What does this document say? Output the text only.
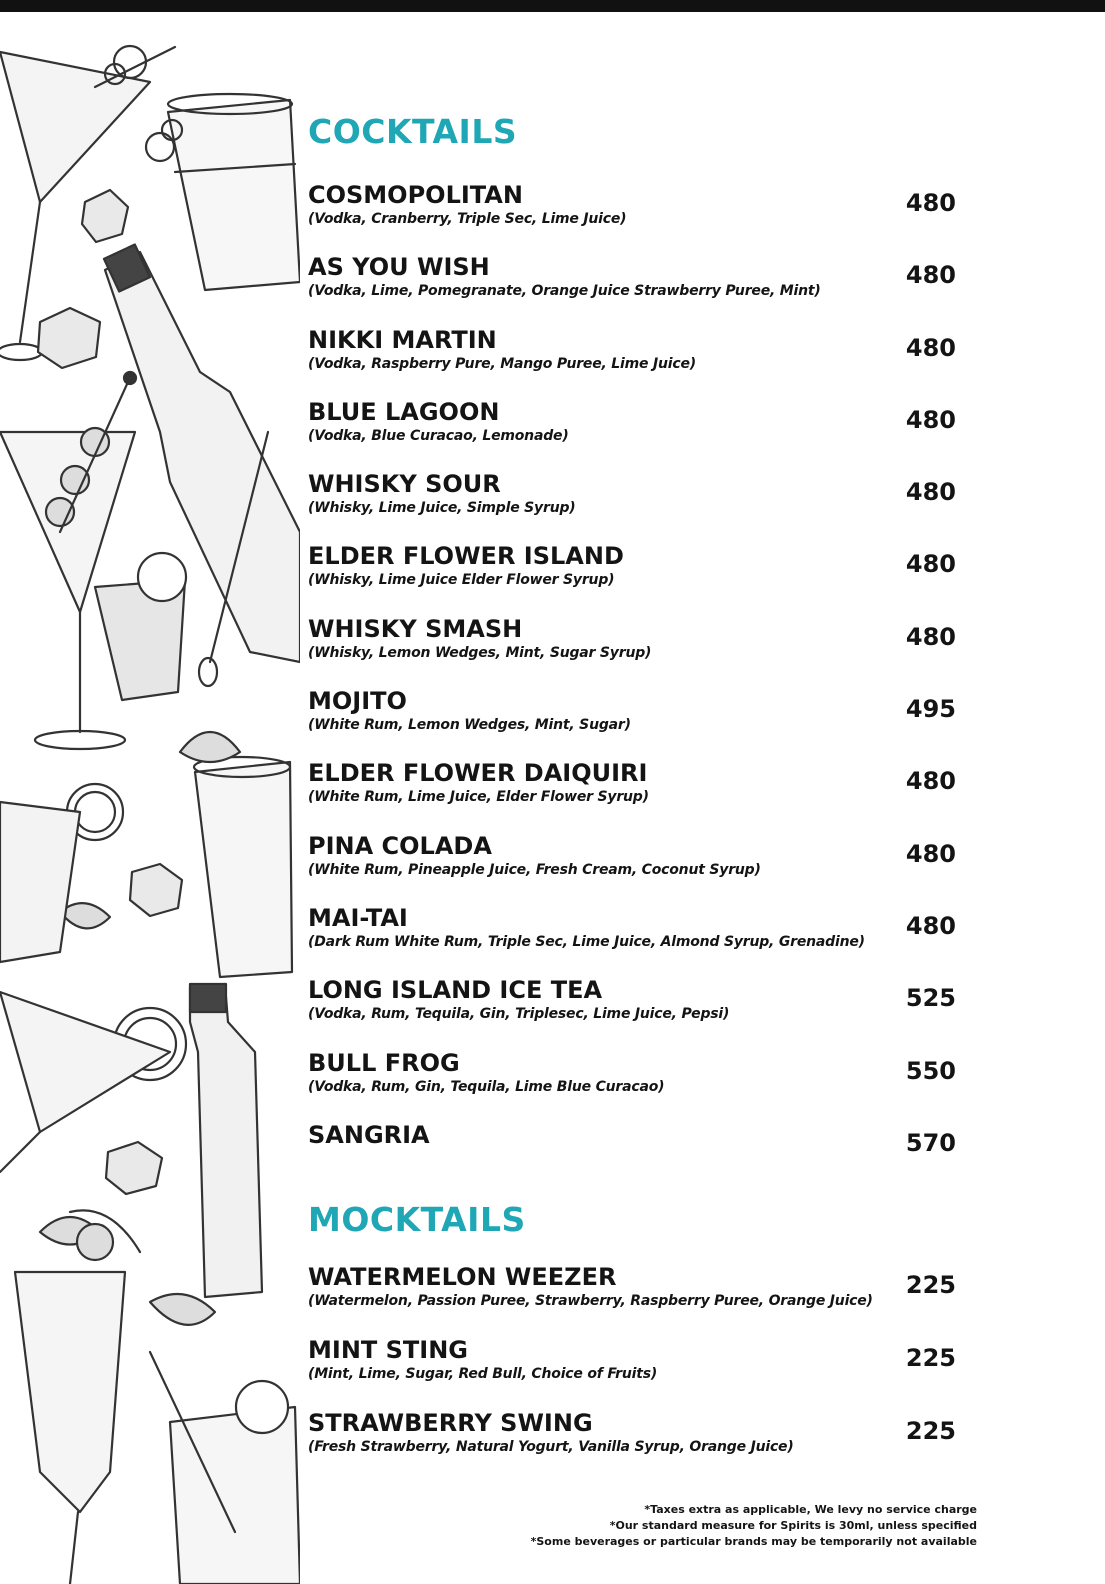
COCKTAILS
COSMOPOLITAN
(Vodka, Cranberry, Triple Sec, Lime Juice)
480
AS YOU WISH
(Vodka, Lime, Pomegranate, Orange Juice Strawberry Puree, Mint)
480
NIKKI MARTIN
(Vodka, Raspberry Pure, Mango Puree, Lime Juice)
480
BLUE LAGOON
(Vodka, Blue Curacao, Lemonade)
480
WHISKY SOUR
(Whisky, Lime Juice, Simple Syrup)
480
ELDER FLOWER ISLAND
(Whisky, Lime Juice Elder Flower Syrup)
480
WHISKY SMASH
(Whisky, Lemon Wedges, Mint, Sugar Syrup)
480
MOJITO
(White Rum, Lemon Wedges, Mint, Sugar)
495
ELDER FLOWER DAIQUIRI
(White Rum, Lime Juice, Elder Flower Syrup)
480
PINA COLADA
(White Rum, Pineapple Juice, Fresh Cream, Coconut Syrup)
480
MAI-TAI
(Dark Rum White Rum, Triple Sec, Lime Juice, Almond Syrup, Grenadine)
480
LONG ISLAND ICE TEA
(Vodka, Rum, Tequila, Gin, Triplesec, Lime Juice, Pepsi)
525
BULL FROG
(Vodka, Rum, Gin, Tequila, Lime Blue Curacao)
550
SANGRIA	570
MOCKTAILS
WATERMELON WEEZER
(Watermelon, Passion Puree, Strawberry, Raspberry Puree, Orange Juice)
225
MINT STING
(Mint, Lime, Sugar, Red Bull, Choice of Fruits)
225
STRAWBERRY SWING
(Fresh Strawberry, Natural Yogurt, Vanilla Syrup, Orange Juice)
225
*Taxes extra as applicable, We levy no service charge
*Our standard measure for Spirits is 30ml, unless specified
*Some beverages or particular brands may be temporarily not available
